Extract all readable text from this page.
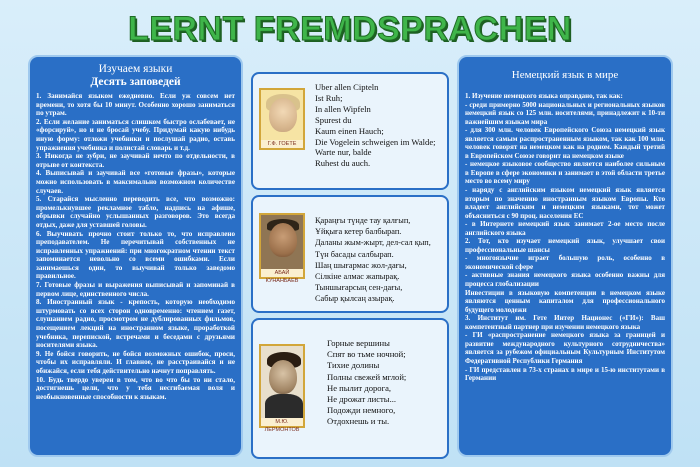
LERNT FREMDSPRACHEN
Изучаем языки
Десять заповедей

1. Занимайся языком ежедневно. Если уж совсем нет времени, то хотя бы 10 минут. Особенно хорошо заниматься по утрам.

2. Если желание заниматься слишком быстро ослабевает, не «форсируй», но и не бросай учебу. Придумай какую нибудь иную форму: отложи учебники и послушай радио, оставь упражнения учебника и полистай словарь и т.д.

3. Никогда не зубри, не заучивай нечто по отдельности, в отрыве от контекста.

4. Выписывай и заучивай все «готовые фразы», которые можно использовать в максимально возможном количестве случаев.

5. Старайся мысленно переводить все, что возможно: промелькнувшее рекламное табло, надпись на афише, обрывки случайно услышанных разговоров. Это всегда отдых, даже для уставшей головы.

6. Выучивать прочно стоит только то, что исправлено преподавателем. Не перечитывай собственных не исправленных упражнений: при многократном чтении текст запоминается невольно со всеми ошибками. Если занимаешься один, то выучивай только заведомо правильное.

7. Готовые фразы и выражения выписывай и запоминай в первом лице, единственного числа.

8. Иностранный язык - крепость, которую необходимо штурмовать со всех сторон одновременно: чтением газет, слушанием радио, просмотром не дублированных фильмов, посещением лекций на иностранном языке, проработкой учебника, перепиской, встречами и беседами с друзьями носителями языка.

9. Не бойся говорить, не бойся возможных ошибок, проси, чтобы их исправляли. И главное, не расстраивайся и не обижайся, если тебя действительно начнут поправлять.

10. Будь твердо уверен в том, что во что бы то ни стало, достигнешь цели, что у тебя несгибаемая воля и необыкновенные способности к языкам.

Г.Ф. ГОЕТЕ
Uber allen Cipteln
Ist Ruh;
In allen Wipfeln
Spurest du
Kaum einen Hauch;
Die Vogelein schweigen im Walde;
Warte nur, balde
Ruhest du auch.
АБАЙ КУНАНБАЕВ
Қараңғы түнде тау қалғып,
Ұйқыға кетер балбырап.
Даланы жым-жырт, дел-сал қып,
Түн басады салбырап.
Шаң шығармас жол-дағы,
Сілкіне алмас жапырақ.
Тыншығарсың сен-дағы,
Сабыр қылсаң азырақ.
М.Ю. ЛЕРМОНТОВ
Горные вершины
Спят во тьме ночной;
Тихие долины
Полны свежей мглой;
Не пылит дорога,
Не дрожат листы...
Подожди немного,
Отдохнешь и ты.
Немецкий язык в мире

1. Изучение немецкого языка оправдано, так как:

- среди примерно 5000 национальных и региональных языков немецкий язык со 125 млн. носителями, принадлежит к 10-ти важнейшим языкам мира

- для 300 млн. человек Европейского Союза немецкий язык является самым распространенным языком, так как 100 млн. человек говорят на немецком как на родном. Каждый третий в Европейском Союзе говорит на немецком языке

- немецкое языковое сообщество является наиболее сильным в Европе в сфере экономики и занимает в этой области третье место во всему миру

- наряду с английским языком немецкий язык является вторым по значению иностранным языком Европы. Кто владеет английским и немецким языками, тот может объясниться с 90 проц. населения ЕС

- в Интернете немецкий язык занимает 2-ое место после английского языка

2. Тот, кто изучает немецкий язык, улучшает свои профессиональные шансы

- многоязычие играет большую роль, особенно в экономической сфере

- активные знания немецкого языка особенно важны для процесса глобализации

Инвестиции в языковую компетенции в немецком языке являются ценным капиталом для профессионального будущего молодежи

3. Институт им. Гете Интер Национес («ГИ»): Ваш компетентный партнер при изучении немецкого языка

- ГИ «распространение немецкого языка за границей и развитие международного культурного сотрудничества» является за рубежом официальным Культурным Институтом Федеративной Республики Германия

- ГИ представлен в 73-х странах в мире и 15-ю институтами в Германии
